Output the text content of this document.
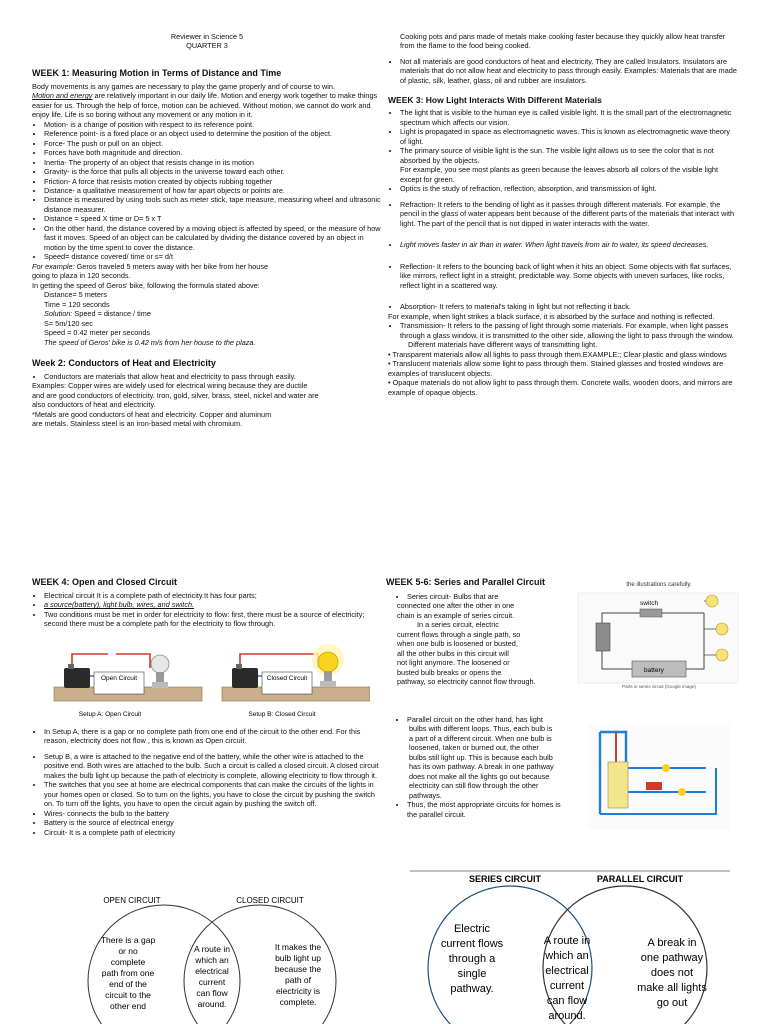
Reviewer in Science 5

QUARTER 3

WEEK 1: Measuring Motion in Terms of Distance and Time

Body movements is any games are necessary to play the game properly and of course to win.
Motion and energy are relatively important in our daily life. Motion and energy work together to make things easier for us. Through the help of force, motion can be achieved. Without motion, we cannot do work and enjoy life. Life is so boring without any movement or any motion in it.

• Motion- is a change of position with respect to its reference point.
• Reference point- is a fixed place or an object used to determine the position of the object.
• Force- The push or pull on an object.
• Forces have both magnitude and direction.
• Inertia- The property of an object that resists change in its motion
• Gravity- is the force that pulls all objects in the universe toward each other.
• Friction- A force that resists motion created by objects rubbing together
• Distance- a qualitative measurement of how far apart objects or points are.
• Distance is measured by using tools such as meter stick, tape measure, measuring wheel and ultrasonic distance measurer.
• Distance = speed X time or D= 5 x T
• On the other hand, the distance covered by a moving object is affected by speed, or the measure of how fast it moves. Speed of an object can be calculated by dividing the distance covered by an object in motion by the time spent to cover the distance.
• Speed= distance covered/ time or s= d/t

For example: Geros traveled 5 meters away with her bike from her house

going to plaza in 120 seconds.

In getting the speed of Geros' bike, following the formula stated above:

Distance= 5 meters

Time = 120 seconds

Solution: Speed = distance / time

S= 5m/120 sec

Speed = 0.42 meter per seconds

The speed of Geros' bike is 0.42 m/s from her house to the plaza.

Week 2: Conductors of Heat and Electricity

• Conductors are materials that allow heat and electricity to pass through easily.

Examples: Copper wires are widely used for electrical wiring because they are ductile

and are good conductors of electricity. Iron, gold, silver, brass, steel, nickel and water are

also conductors of heat and electricity.

*Metals are good conductors of heat and electricity. Copper and aluminum

are metals. Stainless steel is an iron-based metal with chromium.

Cooking pots and pans made of metals make cooking faster because they quickly allow heat transfer from the flame to the food being cooked.

• Not all materials are good conductors of heat and electricity. They are called Insulators. Insulators are materials that do not allow heat and electricity to pass through easily. Examples: Materials that are made of plastic, silk, leather, glass, oil and rubber are insulators.

WEEK 3: How Light Interacts With Different Materials

• The light that is visible to the human eye is called visible light. It is the small part of the electromagnetic spectrum which affects our vision.
• Light is propagated in space as electromagnetic waves. This is known as electromagnetic wave theory of light.
• The primary source of visible light is the sun. The visible light allows us to see the color that is not absorbed by the objects.

For example, you see most plants as green because the leaves absorb all colors of the visible light except for green.

• Optics is the study of refraction, reflection, absorption, and transmission of light.
• Refraction- It refers to the bending of light as it passes through different materials. For example, the pencil in the glass of water appears bent because of the different parts of the materials that interact with light. The part of the pencil that is not dipped in water interacts with the water.
• Light moves faster in air than in water. When light travels from air to water, its speed decreases.
• Reflection- It refers to the bouncing back of light when it hits an object. Some objects with flat surfaces, like mirrors, reflect light in a straight, predictable way. Some objects with uneven surfaces, like rocks, reflect light in a scattered way.
• Absorption- It refers to material's taking in light but not reflecting it back.

For example, when light strikes a black surface, it is absorbed by the surface and nothing is reflected.

• Transmission- It refers to the passing of light through some materials. For example, when light passes through a glass window, it is transmitted to the other side, allowing the light to pass through the window.

Different materials have different ways of transmitting light.

• Transparent materials allow all lights to pass through them.EXAMPLE:; Clear plastic and glass windows

• Translucent materials allow some light to pass through them. Stained glasses and frosted windows are examples of translucent objects.

• Opaque materials do not allow light to pass through them. Concrete walls, wooden doors, and mirrors are example of opaque objects.

WEEK 4: Open and Closed Circuit

• Electrical circuit It is a complete path of electricity.It has four parts;
• a source(battery), light bulb, wires, and switch.
• Two conditions must be met in order for electricity to flow: first, there must be a source of electricity; second there must be a complete path for the electricity to flow through.
Open Circuit	Closed Circuit
Setup A: Open Circuit	Setup B: Closed Circuit
• In Setup A, there is a gap or no complete path from one end of the circuit to the other end. For this reason, electricity does not flow , this is known as Open circuit.
• Setup B, a wire is attached to the negative end of the battery, while the other wire is attached to the positive end. Both wires are attached to the bulb. Such a circuit is called a closed circuit. A closed circuit makes the bulb light up because the path of electricity is complete, allowing electricity to flow through it.
• The switches that you see at home are electrical components that can make the circuits of the lights in your homes open or closed. So to turn on the lights, you have to close the circuit by pushing the switch on. To turn off the lights, you have to open the circuit again by pushing the switch off.
• Wires- connects the bulb to the battery
• Battery is the source of electrical energy
• Circuit- It is a complete path of electricity
OPEN CIRCUIT	CLOSED CIRCUIT
There is a gap
or no
complete
path from one
end of the
circuit to the
other end
A route in
which an
electrical
current
can flow
around.
It makes the
bulb light up
because the
path of
electricity is
complete.

WEEK 5-6: Series and Parallel Circuit

• Series circuit- Bulbs that are

connected one after the other in one

chain is an example of series circuit.

In a series circuit, electric

current flows through a single path, so

when one bulb is loosened or busted,

all the other bulbs in this circuit will

not light anymore. The loosened or

busted bulb breaks or opens the

pathway, so electricity cannot flow through.

the illustrations carefully.
switch
battery
Parts in series circuit (Google image)
• Parallel circuit on the other hand, has light

bulbs with different loops. Thus, each bulb is

a part of a different circuit. When one bulb is

loosened, taken or burned out, the other

bulbs still light up. This is because each bulb

has its own pathway. A break in one pathway

does not make all the lights go out because

electricity can still flow through the other

pathways.

• Thus, the most appropriate circuits for homes is the parallel circuit.
SERIES CIRCUIT	PARALLEL CIRCUIT
Electric
current flows
through a
single
pathway.
A route in
which an
electrical
current
can flow
around.
A break in
one pathway
does not
make all lights
go out
